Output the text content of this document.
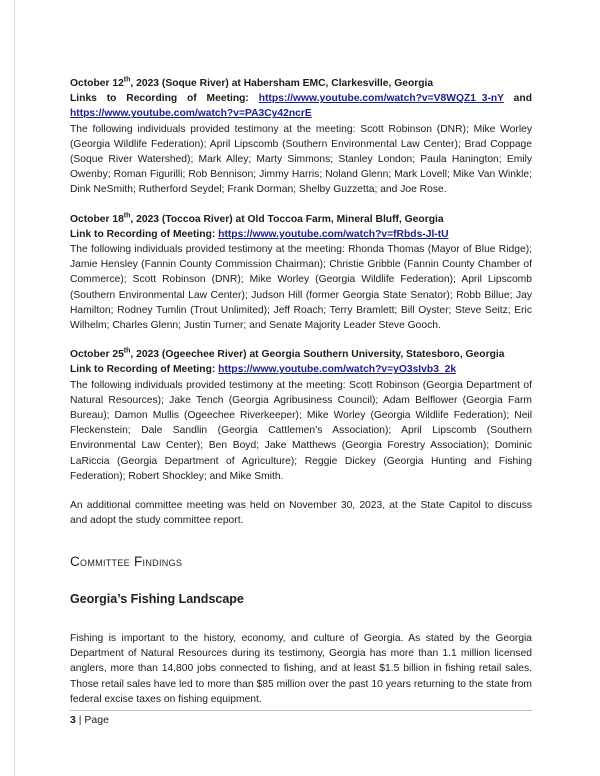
October 12th, 2023 (Soque River) at Habersham EMC, Clarkesville, Georgia
Links to Recording of Meeting: https://www.youtube.com/watch?v=V8WQZ1_3-nY and https://www.youtube.com/watch?v=PA3Cy42ncrE
The following individuals provided testimony at the meeting: Scott Robinson (DNR); Mike Worley (Georgia Wildlife Federation); April Lipscomb (Southern Environmental Law Center); Brad Coppage (Soque River Watershed); Mark Alley; Marty Simmons; Stanley London; Paula Hanington; Emily Owenby; Roman Figurilli; Rob Bennison; Jimmy Harris; Noland Glenn; Mark Lovell; Mike Van Winkle; Dink NeSmith; Rutherford Seydel; Frank Dorman; Shelby Guzzetta; and Joe Rose.
October 18th, 2023 (Toccoa River) at Old Toccoa Farm, Mineral Bluff, Georgia
Link to Recording of Meeting: https://www.youtube.com/watch?v=fRbds-Jl-tU
The following individuals provided testimony at the meeting: Rhonda Thomas (Mayor of Blue Ridge); Jamie Hensley (Fannin County Commission Chairman); Christie Gribble (Fannin County Chamber of Commerce); Scott Robinson (DNR); Mike Worley (Georgia Wildlife Federation); April Lipscomb (Southern Environmental Law Center); Judson Hill (former Georgia State Senator); Robb Billue; Jay Hamilton; Rodney Tumlin (Trout Unlimited); Jeff Roach; Terry Bramlett; Bill Oyster; Steve Seitz; Eric Wilhelm; Charles Glenn; Justin Turner; and Senate Majority Leader Steve Gooch.
October 25th, 2023 (Ogeechee River) at Georgia Southern University, Statesboro, Georgia
Link to Recording of Meeting: https://www.youtube.com/watch?v=yO3sIvb3_2k
The following individuals provided testimony at the meeting: Scott Robinson (Georgia Department of Natural Resources); Jake Tench (Georgia Agribusiness Council); Adam Belflower (Georgia Farm Bureau); Damon Mullis (Ogeechee Riverkeeper); Mike Worley (Georgia Wildlife Federation); Neil Fleckenstein; Dale Sandlin (Georgia Cattlemen’s Association); April Lipscomb (Southern Environmental Law Center); Ben Boyd; Jake Matthews (Georgia Forestry Association); Dominic LaRiccia (Georgia Department of Agriculture); Reggie Dickey (Georgia Hunting and Fishing Federation); Robert Shockley; and Mike Smith.
An additional committee meeting was held on November 30, 2023, at the State Capitol to discuss and adopt the study committee report.
Committee Findings
Georgia’s Fishing Landscape
Fishing is important to the history, economy, and culture of Georgia. As stated by the Georgia Department of Natural Resources during its testimony, Georgia has more than 1.1 million licensed anglers, more than 14,800 jobs connected to fishing, and at least $1.5 billion in fishing retail sales. Those retail sales have led to more than $85 million over the past 10 years returning to the state from federal excise taxes on fishing equipment.
3 | Page
